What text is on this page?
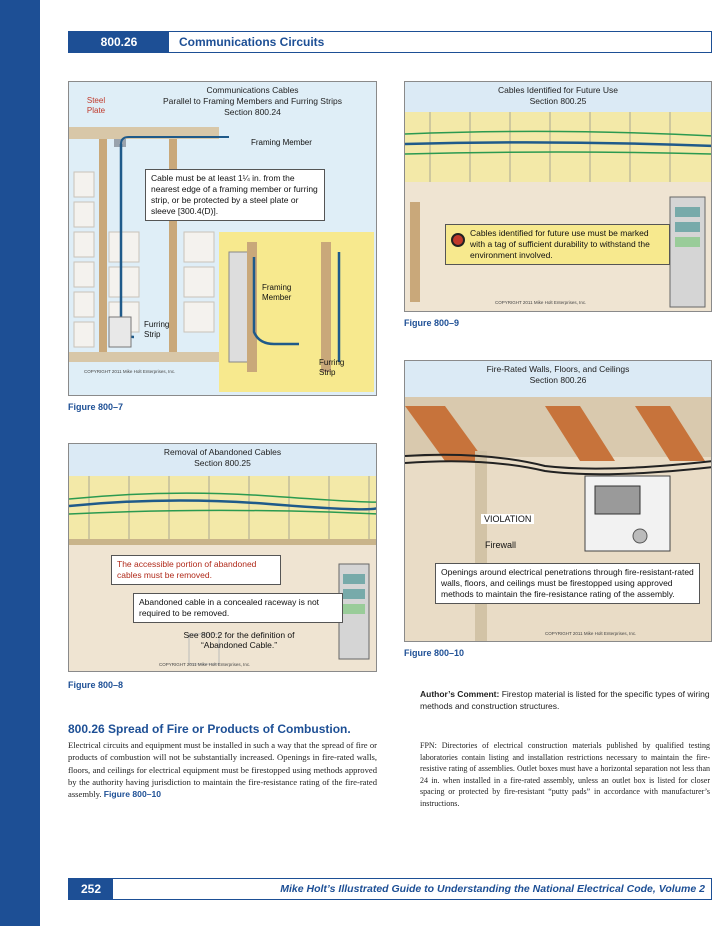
800.26	Communications Circuits
Communications Cables
Parallel to Framing Members and Furring Strips
Section 800.24
Steel Plate
Framing Member
Cable must be at least 1¼ in. from the nearest edge of a framing member or furring strip, or be protected by a steel plate or sleeve [300.4(D)].
Framing Member
Furring Strip
Furring Strip
COPYRIGHT 2011 Mike Holt Enterprises, Inc.
Figure 800–7
Removal of Abandoned Cables
Section 800.25
The accessible portion of abandoned cables must be removed.
Abandoned cable in a concealed raceway is not required to be removed.
See 800.2 for the definition of “Abandoned Cable.”
COPYRIGHT 2011 Mike Holt Enterprises, Inc.
Figure 800–8
Cables Identified for Future Use
Section 800.25
Cables identified for future use must be marked with a tag of sufficient durability to withstand the environment involved.
COPYRIGHT 2011 Mike Holt Enterprises, Inc.
Figure 800–9
Fire-Rated Walls, Floors, and Ceilings
Section 800.26
VIOLATION
Firewall
Openings around electrical penetrations through fire-resistant-rated walls, floors, and ceilings must be firestopped using approved methods to maintain the fire-resistance rating of the assembly.
COPYRIGHT 2011 Mike Holt Enterprises, Inc.
Figure 800–10
800.26 Spread of Fire or Products of Combustion.
Electrical circuits and equipment must be installed in such a way that the spread of fire or products of combustion will not be substantially increased. Openings in fire-rated walls, floors, and ceilings for electrical equipment must be firestopped using methods approved by the authority having jurisdiction to maintain the fire-resistance rating of the fire-rated assembly. Figure 800–10
Author’s Comment: Firestop material is listed for the specific types of wiring methods and construction structures.
FPN: Directories of electrical construction materials published by qualified testing laboratories contain listing and installation restrictions necessary to maintain the fire-resistive rating of assemblies. Outlet boxes must have a horizontal separation not less than 24 in. when installed in a fire-rated assembly, unless an outlet box is listed for closer spacing or protected by fire-resistant “putty pads” in accordance with manufacturer’s instructions.
252	Mike Holt’s Illustrated Guide to Understanding the National Electrical Code, Volume 2
